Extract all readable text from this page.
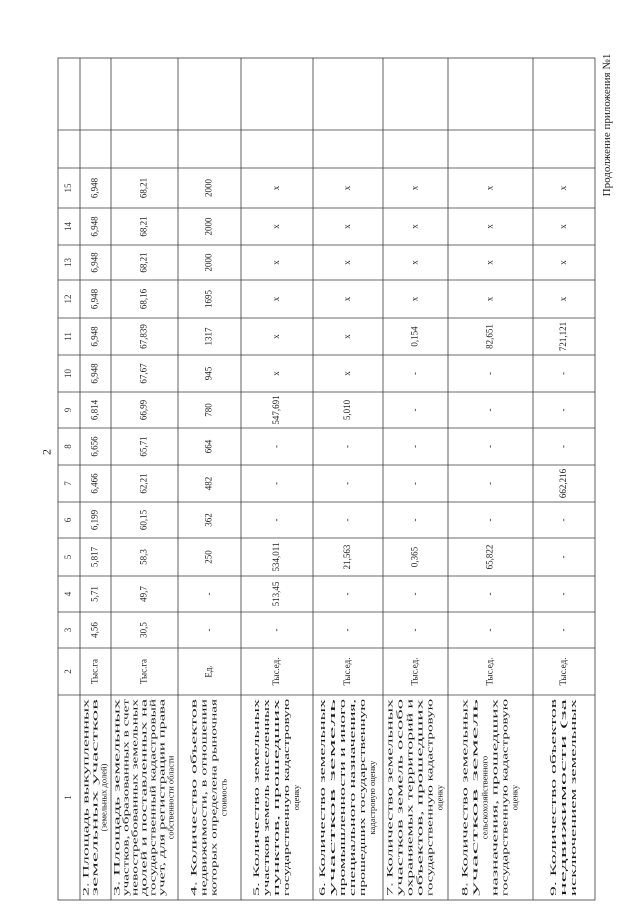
2
Продолжение приложения №1
1
2
3
4
5
6
7
8
9
10
11
12
13
14
15
2. Площадь выкупленных земельных участков
(земельных долей)
Тыс.га
4,56
5,71
5,817
6,199
6,466
6,656
6,814
6,948
6,948
6,948
6,948
6,948
6,948
3. Площадь земельных участков, образованных в счет невостребованных земельных долей и поставленных на государственный кадастровый учет, для регистрации права собственности области
Тыс.га
30,5
49,7
58,3
60,15
62,21
65,71
66,99
67,67
67,839
68,16
68,21
68,21
68,21
4. Количество объектов недвижимости, в отношении которых определена рыночная стоимость
Ед.
-
-
250
362
482
664
780
945
1317
1695
2000
2000
2000
5. Количество земельных участков земель населенных пунктов, прошедших государственную кадастровую оценку
Тыс.ед.
-
513,45
534,011
-
-
-
547,691
x
x
x
x
x
x
6. Количество земельных участков земель промышленности и иного специального назначения, прошедших государственную кадастровую оценку
Тыс.ед.
-
-
21,563
-
-
-
5,010
x
x
x
x
x
x
7. Количество земельных участков земель особо охраняемых территорий и объектов, прошедших государственную кадастровую оценку
Тыс.ед.
-
-
0,365
-
-
-
-
-
0,154
x
x
x
x
8. Количество земельных участков земель
сельскохозяйственного
назначения, прошедших государственную кадастровую оценку
Тыс.ед.
-
-
65,822
-
-
-
-
-
82,651
x
x
x
x
9. Количество объектов недвижимости (за исключением земельных
Тыс.ед.
-
-
-
-
662,216
-
-
-
721,121
x
x
x
x
